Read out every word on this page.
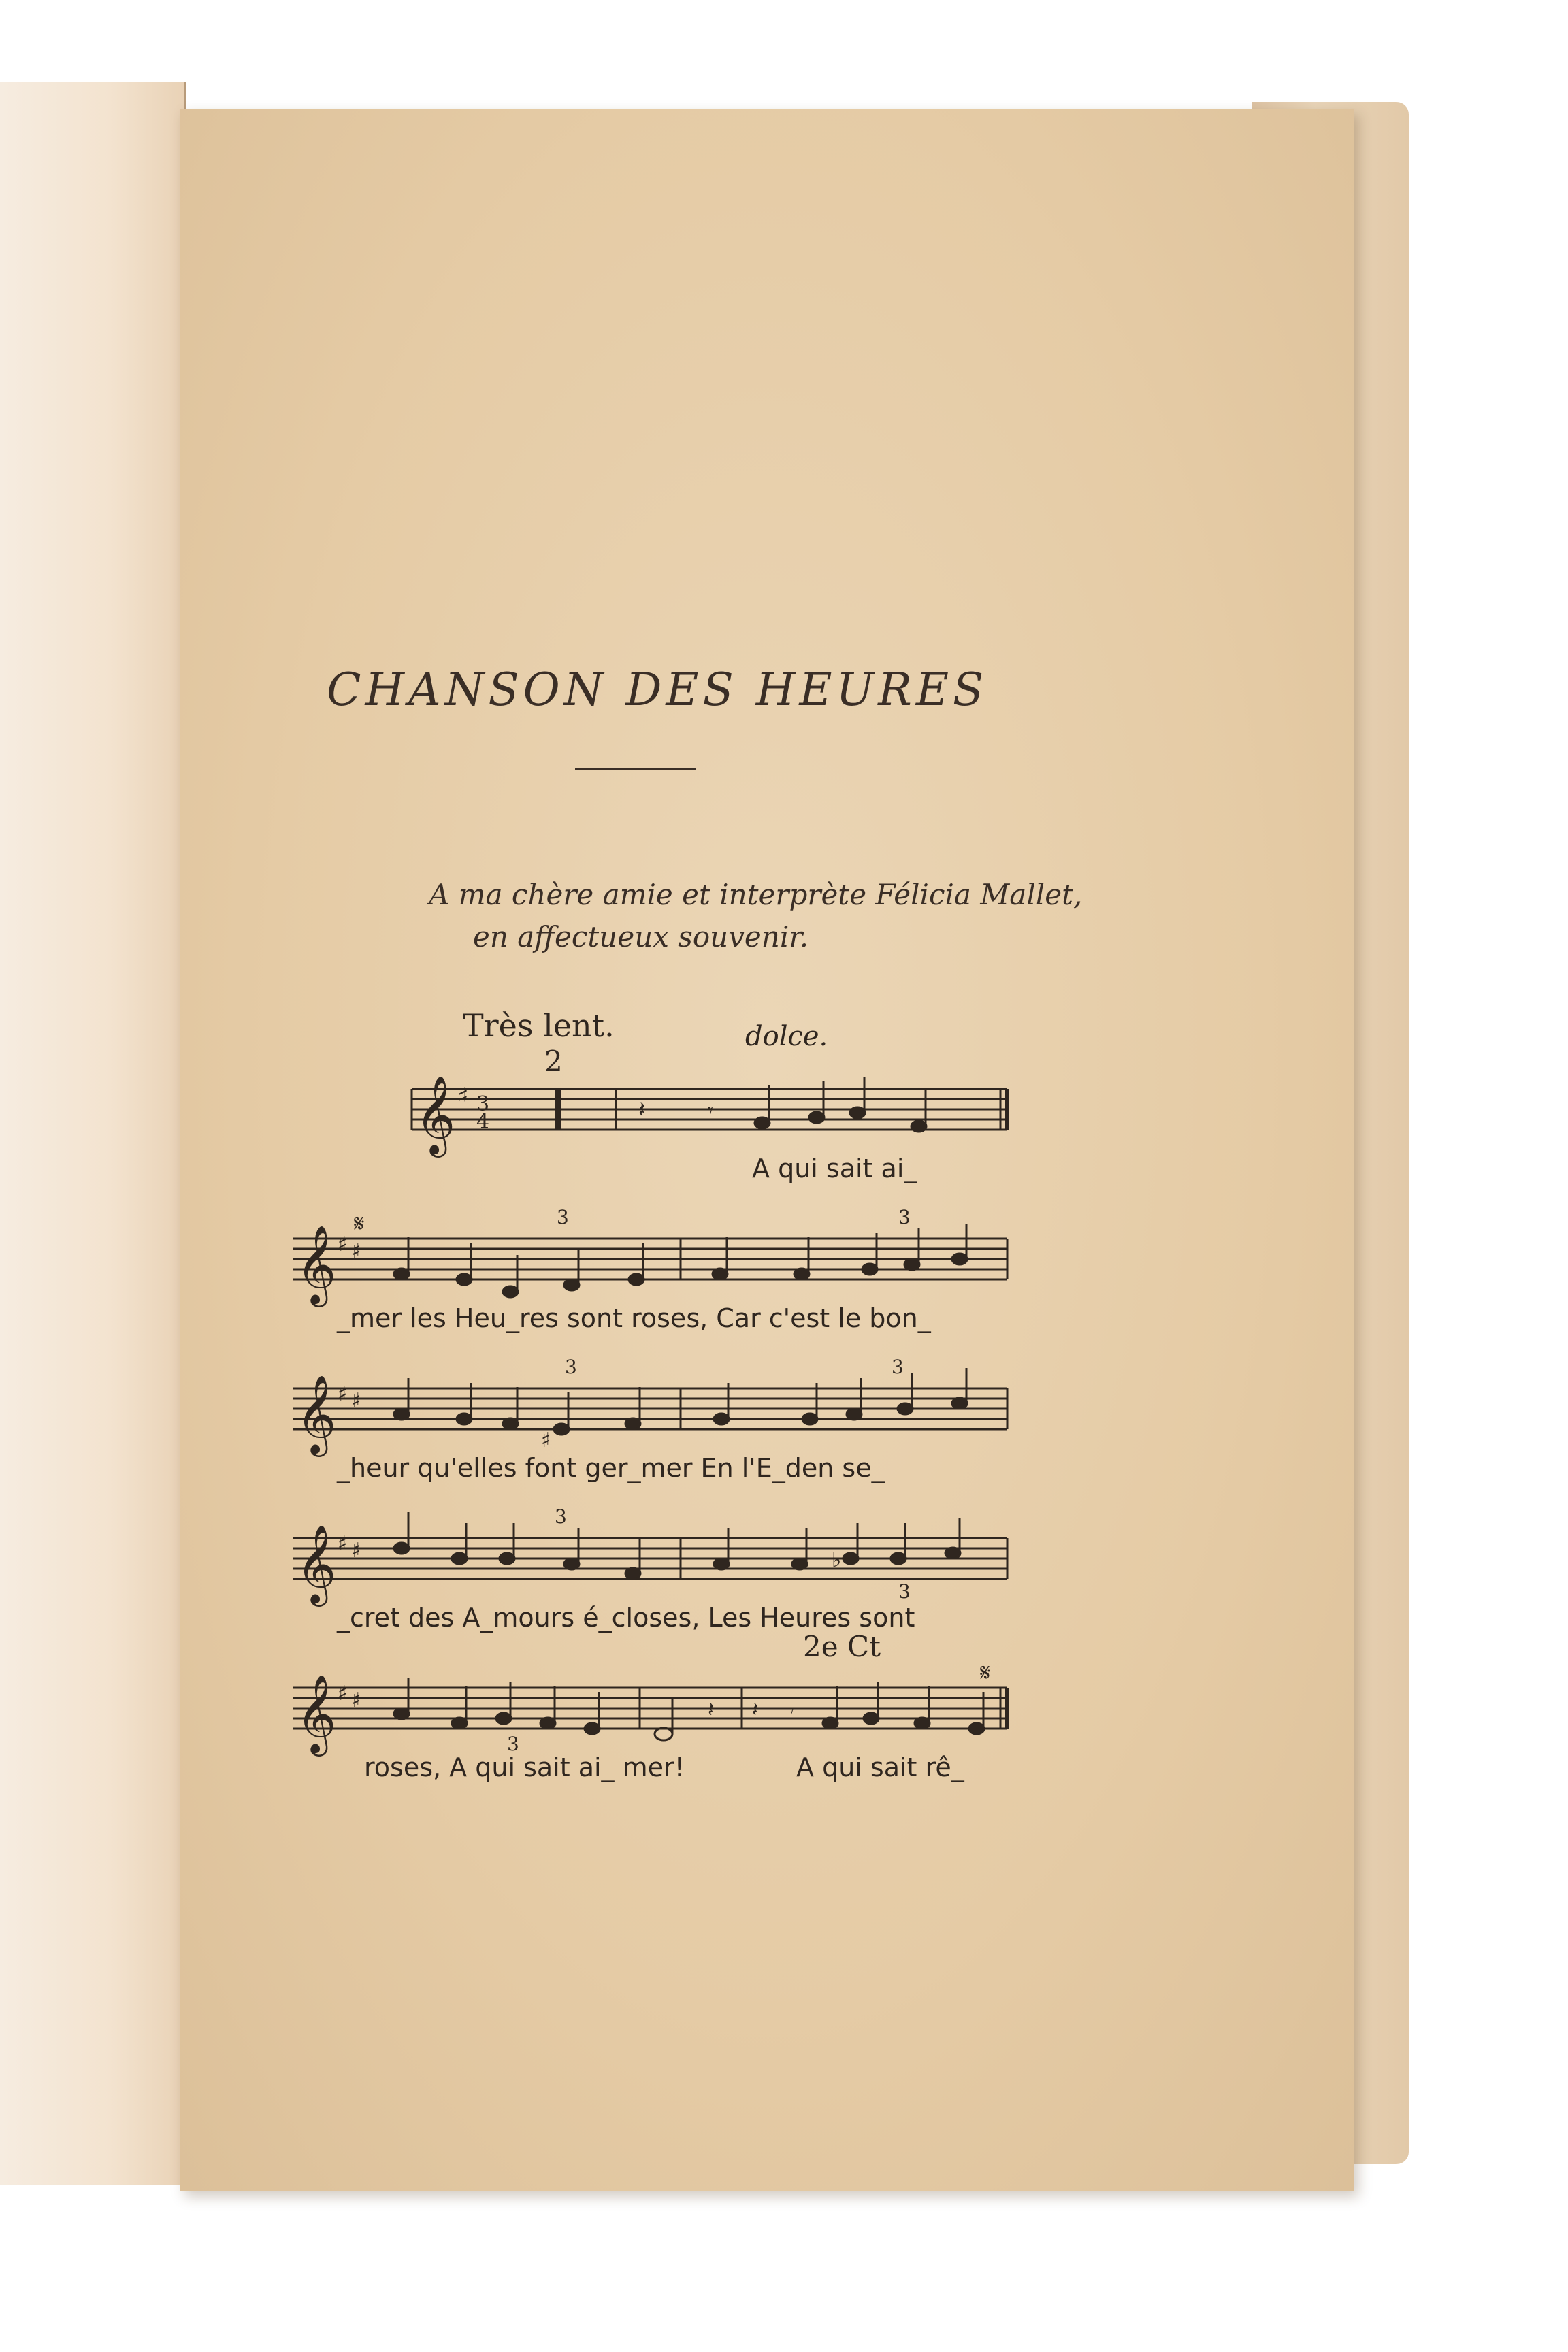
CHANSON DES HEURES
A ma chère amie et interprète Félicia Mallet,
en affectueux souvenir.
Très lent.	dolce.
𝄞 ♯ 3
4	𝄽	𝄾
2
A qui sait ai_
𝄞 ♯ ♯
𝄋	3	3
_mer les Heu_res sont roses, Car c'est le bon_
𝄞 ♯ ♯
3	3
♯
_heur qu'elles font ger_mer En l'E_den se_
𝄞 ♯ ♯
3
3
♭
_cret des A_mours é_closes, Les Heures sont
2e Ct
𝄞 ♯ ♯
𝄋
3
𝄽 𝄽 𝄾
roses, A qui sait ai_ mer!	A qui sait rê_
